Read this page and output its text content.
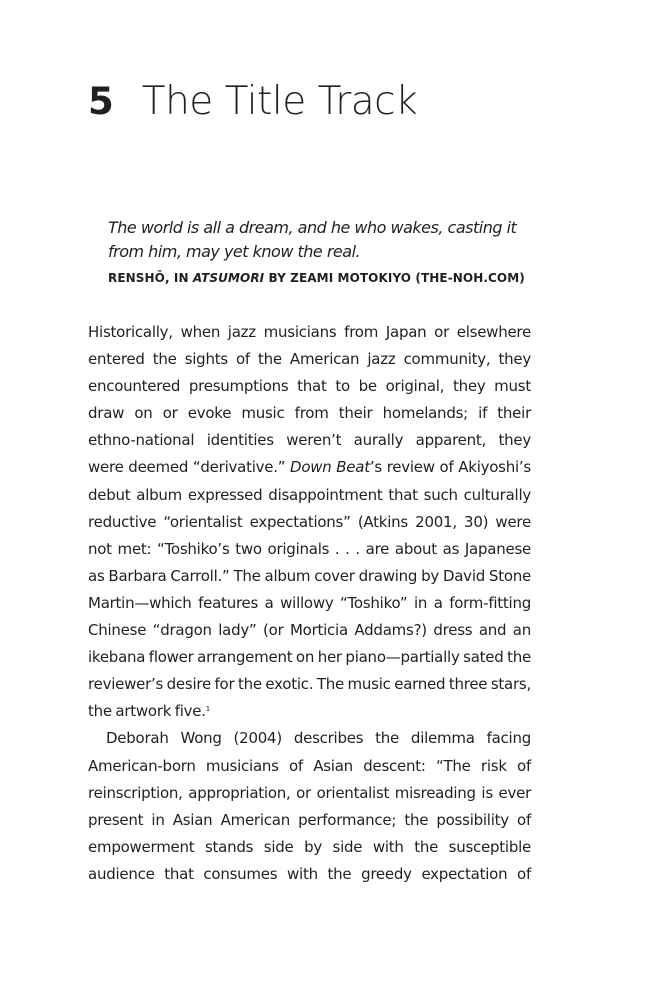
5 The Title Track
The world is all a dream, and he who wakes, casting it
from him, may yet know the real.
RENSHŌ, IN ATSUMORI BY ZEAMI MOTOKIYO (THE-NOH.COM)
Historically, when jazz musicians from Japan or elsewhere
entered the sights of the American jazz community, they
encountered presumptions that to be original, they must
draw on or evoke music from their homelands; if their
ethno-national identities weren’t aurally apparent, they
were deemed “derivative.” Down Beat’s review of Akiyoshi’s
debut album expressed disappointment that such culturally
reductive “orientalist expectations” (Atkins 2001, 30) were
not met: “Toshiko’s two originals . . . are about as Japanese
as Barbara Carroll.” The album cover drawing by David Stone
Martin—which features a willowy “Toshiko” in a form-fitting
Chinese “dragon lady” (or Morticia Addams?) dress and an
ikebana flower arrangement on her piano—partially sated the
reviewer’s desire for the exotic. The music earned three stars,
the artwork five.$^1$
Deborah Wong (2004) describes the dilemma facing
American-born musicians of Asian descent: “The risk of
reinscription, appropriation, or orientalist misreading is ever
present in Asian American performance; the possibility of
empowerment stands side by side with the susceptible
audience that consumes with the greedy expectation of
